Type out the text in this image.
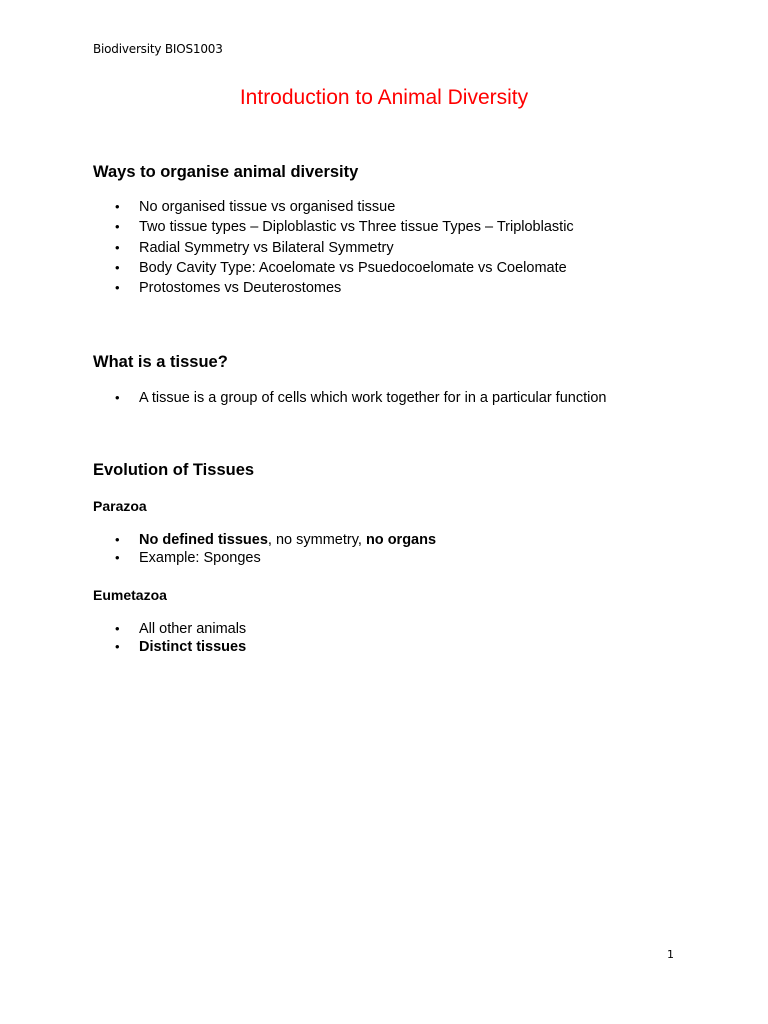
Biodiversity BIOS1003
Introduction to Animal Diversity
Ways to organise animal diversity
• No organised tissue vs organised tissue
• Two tissue types – Diploblastic vs Three tissue Types – Triploblastic
• Radial Symmetry vs Bilateral Symmetry
• Body Cavity Type: Acoelomate vs Psuedocoelomate vs Coelomate
• Protostomes vs Deuterostomes
What is a tissue?
• A tissue is a group of cells which work together for in a particular function
Evolution of Tissues
Parazoa
• No defined tissues, no symmetry, no organs
• Example: Sponges
Eumetazoa
• All other animals
• Distinct tissues
1
